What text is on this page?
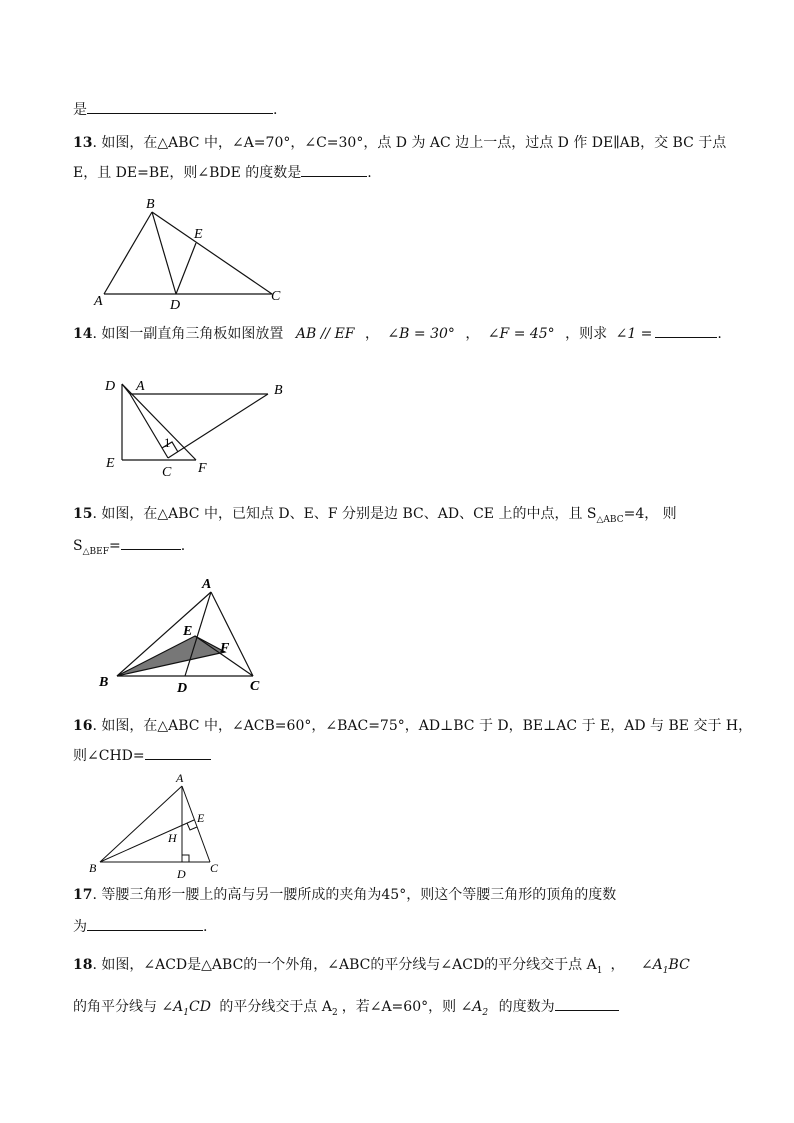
是	.
13. 如图，在△ABC 中，∠A=70°，∠C=30°，点 D 为 AC 边上一点，过点 D 作 DE∥AB，交 BC 于点
E，且 DE=BE，则∠BDE 的度数是	.
A
B
C
D
E
14. 如图一副直角三角板如图放置 AB // EF ， ∠B = 30° ， ∠F = 45° ，则求 ∠1 =	.
D A	B
E
C F
1
15. 如图，在△ABC 中，已知点 D、E、F 分别是边 BC、AD、CE 上的中点，且 $S_{\triangle ABC}=4$， 则
$S_{\triangle BEF}=$	.
A
B	C
D
E
F
16. 如图，在△ABC 中，∠ACB=60°，∠BAC=75°，AD⊥BC 于 D，BE⊥AC 于 E，AD 与 BE 交于 H，
则∠CHD=
A
B	C
D
E
H
17. 等腰三角形一腰上的高与另一腰所成的夹角为45°，则这个等腰三角形的顶角的度数
为	.
18. 如图，∠ACD是△ABC的一个外角，∠ABC的平分线与∠ACD的平分线交于点 $A_1$ ， $\angle A_1BC$
的角平分线与 $\angle A_1CD$ 的平分线交于点 $A_2$ ，若∠A=60°，则 $\angle A_2$ 的度数为
